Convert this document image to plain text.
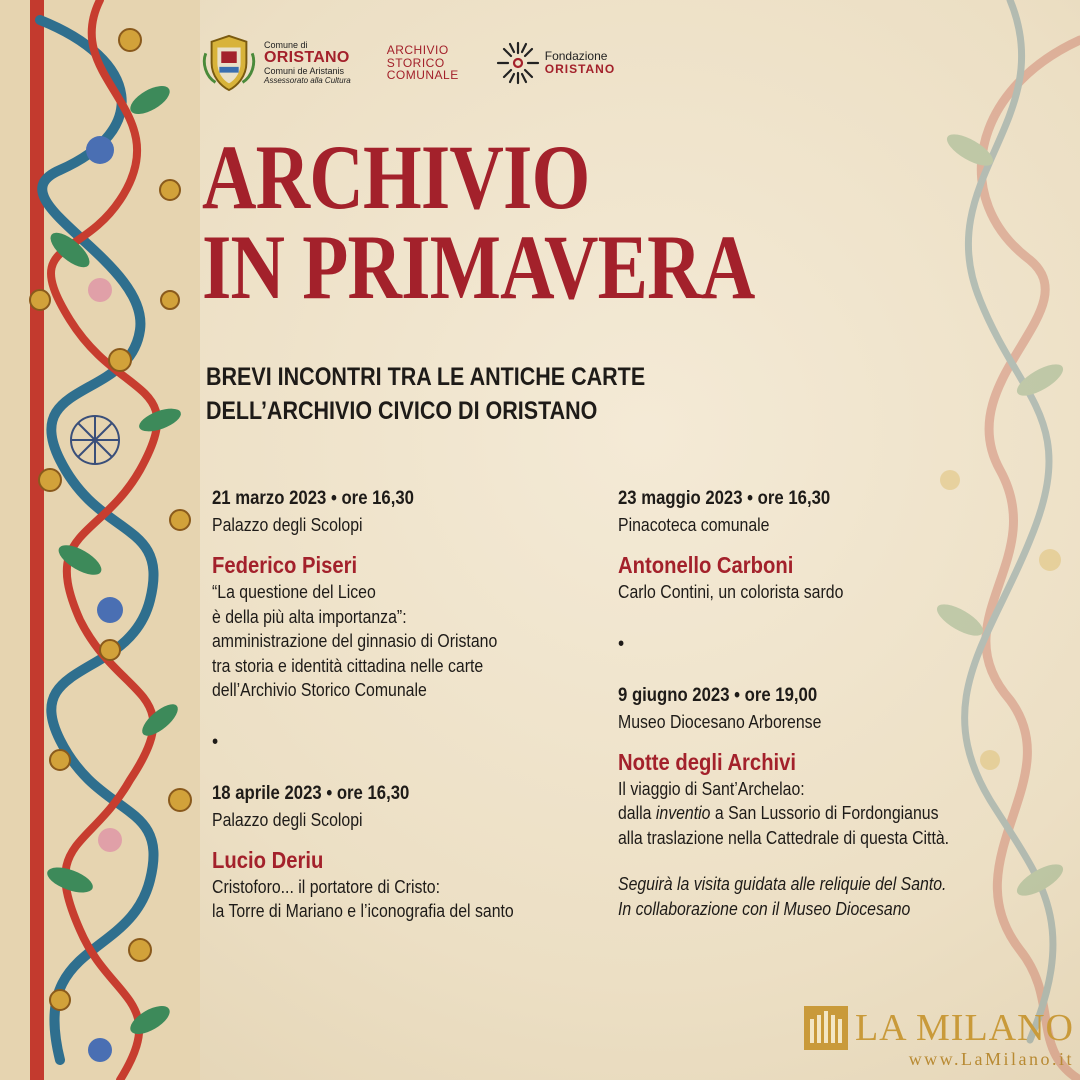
Comune di
ORISTANO
Comuni de Aristanis
Assessorato alla Cultura
ARCHIVIO
STORICO
COMUNALE
Fondazione
ORISTANO
ARCHIVIO
IN PRIMAVERA
BREVI INCONTRI TRA LE ANTICHE CARTE
DELL’ARCHIVIO CIVICO DI ORISTANO
21 marzo 2023 • ore 16,30
Palazzo degli Scolopi
Federico Piseri
“La questione del Liceo
è della più alta importanza”:
amministrazione del ginnasio di Oristano
tra storia e identità cittadina nelle carte
dell’Archivio Storico Comunale
•
18 aprile 2023 • ore 16,30
Palazzo degli Scolopi
Lucio Deriu
Cristoforo... il portatore di Cristo:
la Torre di Mariano e l’iconografia del santo
23 maggio 2023 • ore 16,30
Pinacoteca comunale
Antonello Carboni
Carlo Contini, un colorista sardo
•
9 giugno 2023 • ore 19,00
Museo Diocesano Arborense
Notte degli Archivi
Il viaggio di Sant’Archelao:
dalla inventio a San Lussorio di Fordongianus
alla traslazione nella Cattedrale di questa Città.
Seguirà la visita guidata alle reliquie del Santo.
In collaborazione con il Museo Diocesano
LA MILANO
www.LaMilano.it
